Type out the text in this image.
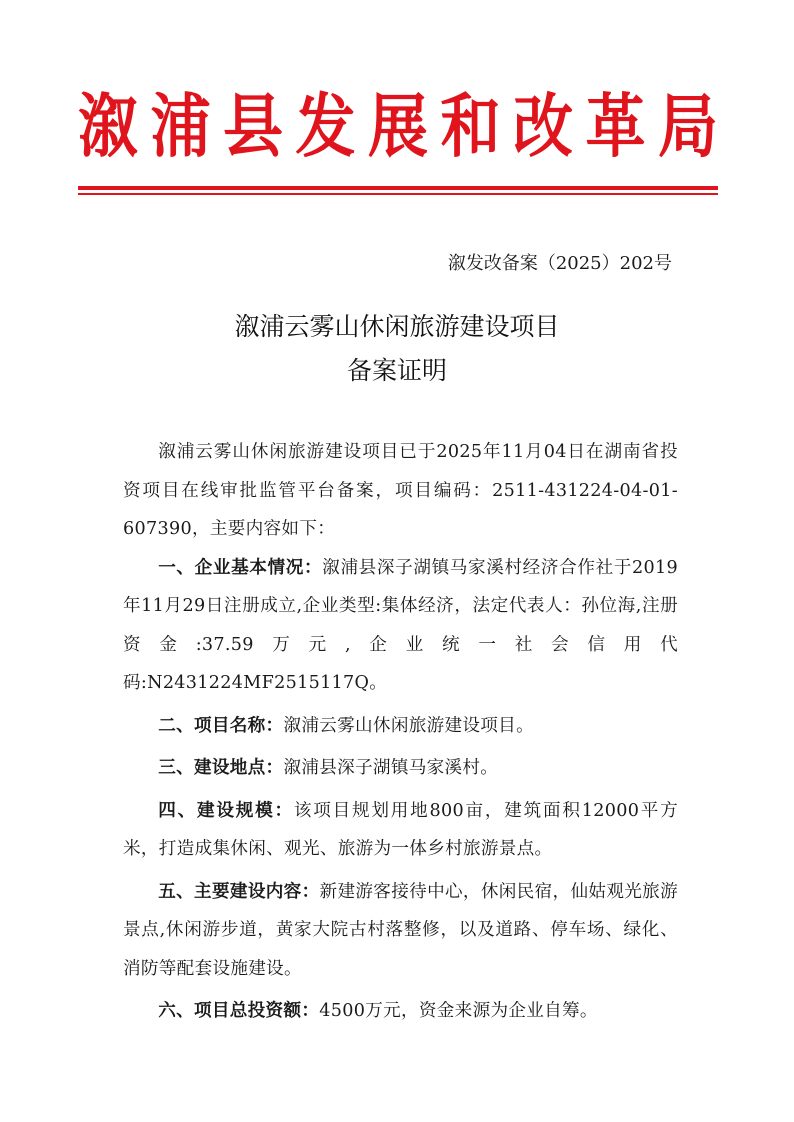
溆 浦 县 发 展 和 改 革 局
溆发改备案（2025）202号
溆浦云雾山休闲旅游建设项目
备案证明

溆浦云雾山休闲旅游建设项目已于2025年11月04日在湖南省投资项目在线审批监管平台备案，项目编码：2511-431224-04-01-607390，主要内容如下：

一、企业基本情况：溆浦县深子湖镇马家溪村经济合作社于2019年11月29日注册成立,企业类型:集体经济，法定代表人：孙位海,注册资金:37.59万元,企业统一社会信用代码:N2431224MF2515117Q。

二、项目名称：溆浦云雾山休闲旅游建设项目。

三、建设地点：溆浦县深子湖镇马家溪村。

四、建设规模：该项目规划用地800亩，建筑面积12000平方米，打造成集休闲、观光、旅游为一体乡村旅游景点。

五、主要建设内容：新建游客接待中心，休闲民宿，仙姑观光旅游景点,休闲游步道，黄家大院古村落整修，以及道路、停车场、绿化、消防等配套设施建设。

六、项目总投资额：4500万元，资金来源为企业自筹。
